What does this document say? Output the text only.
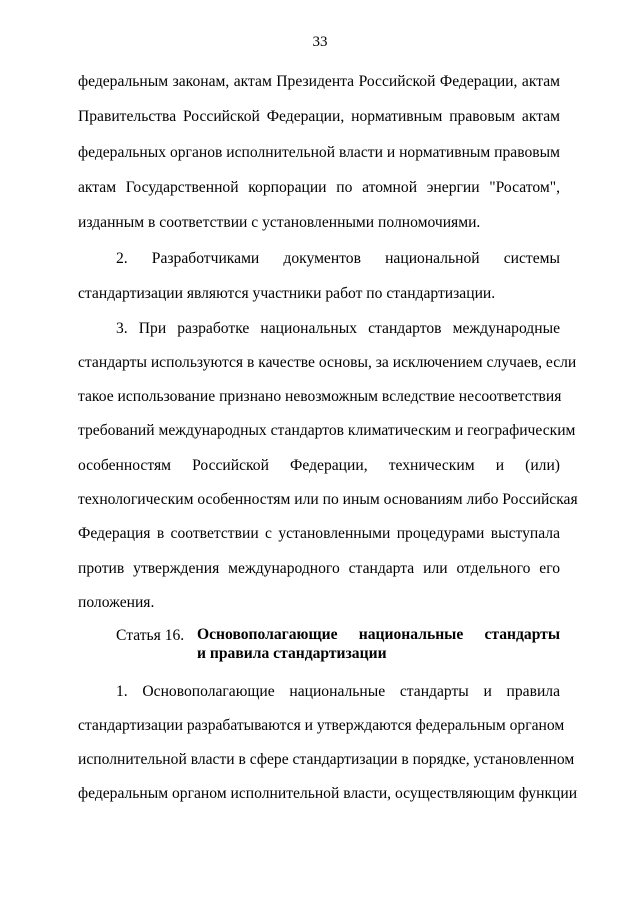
33
федеральным законам, актам Президента Российской Федерации, актам
Правительства Российской Федерации, нормативным правовым актам
федеральных органов исполнительной власти и нормативным правовым
актам Государственной корпорации по атомной энергии "Росатом",
изданным в соответствии с установленными полномочиями.
2. Разработчиками документов национальной системы
стандартизации являются участники работ по стандартизации.
3. При разработке национальных стандартов международные
стандарты используются в качестве основы, за исключением случаев, если
такое использование признано невозможным вследствие несоответствия
требований международных стандартов климатическим и географическим
особенностям Российской Федерации, техническим и (или)
технологическим особенностям или по иным основаниям либо Российская
Федерация в соответствии с установленными процедурами выступала
против утверждения международного стандарта или отдельного его
положения.
Статья 16. Основополагающие национальные стандарты
и правила стандартизации
1. Основополагающие национальные стандарты и правила
стандартизации разрабатываются и утверждаются федеральным органом
исполнительной власти в сфере стандартизации в порядке, установленном
федеральным органом исполнительной власти, осуществляющим функции
